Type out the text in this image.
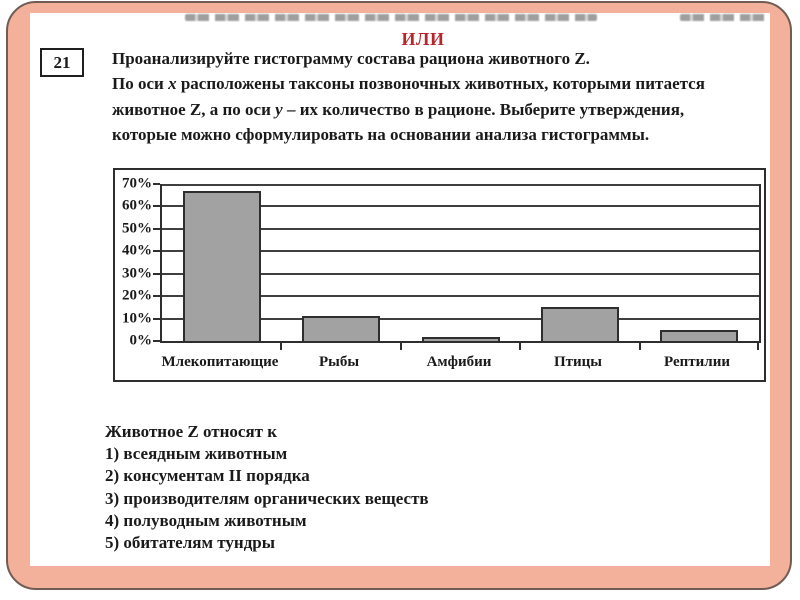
ИЛИ
21 Проанализируйте гистограмму состава рациона животного Z.
По оси x расположены таксоны позвоночных животных, которыми питается
животное Z, а по оси y – их количество в рационе. Выберите утверждения,
которые можно сформулировать на основании анализа гистограммы.
0%
10%
20%
30%
40%
50%
60%
70%
Млекопитающие	Рыбы	Амфибии	Птицы	Рептилии
Животное Z относят к
1) всеядным животным
2) консументам II порядка
3) производителям органических веществ
4) полуводным животным
5) обитателям тундры
